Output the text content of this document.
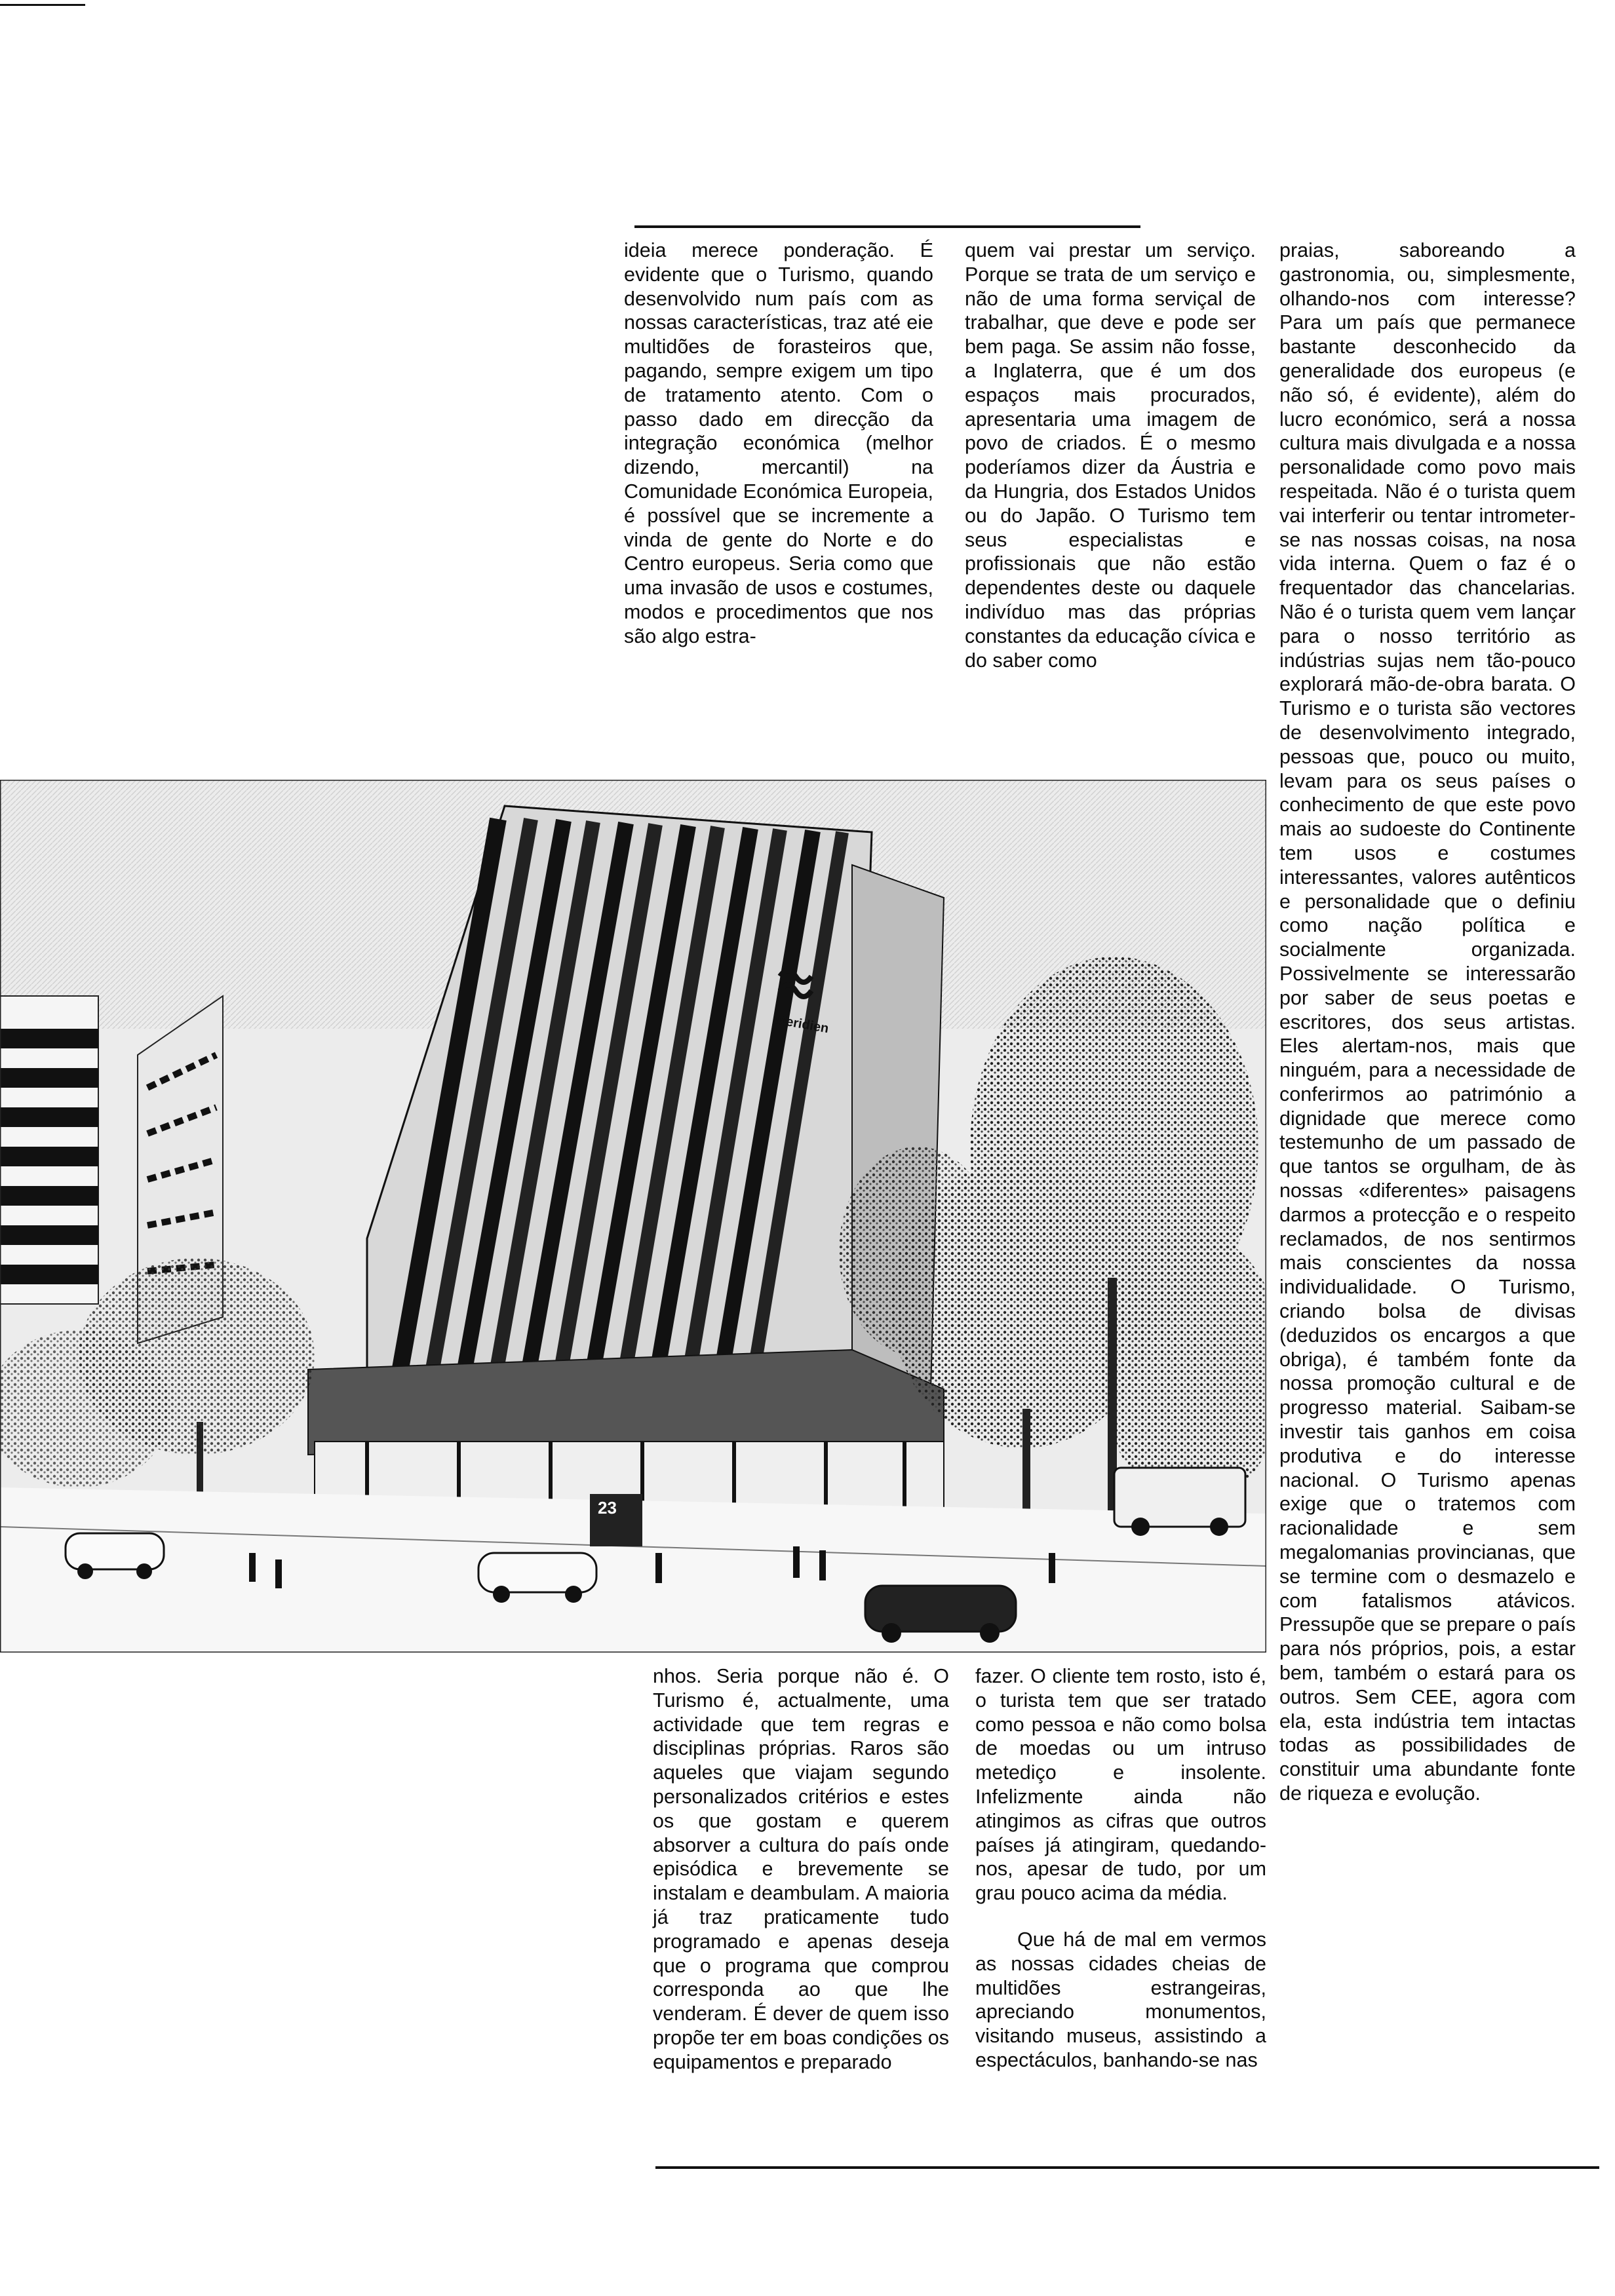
ideia merece ponderação. É evidente que o Turismo, quando desenvolvido num país com as nossas características, traz até eie multidões de forasteiros que, pagando, sempre exigem um tipo de tratamento atento. Com o passo dado em direcção da integração económica (melhor dizendo, mercantil) na Comunidade Económica Europeia, é possível que se incremente a vinda de gente do Norte e do Centro europeus. Seria como que uma invasão de usos e costumes, modos e procedimentos que nos são algo estra-

quem vai prestar um serviço. Porque se trata de um serviço e não de uma forma serviçal de trabalhar, que deve e pode ser bem paga. Se assim não fosse, a Inglaterra, que é um dos espaços mais procurados, apresentaria uma imagem de povo de criados. É o mesmo poderíamos dizer da Áustria e da Hungria, dos Estados Unidos ou do Japão. O Turismo tem seus especialistas e profissionais que não estão dependentes deste ou daquele indivíduo mas das próprias constantes da educação cívica e do saber como

praias, saboreando a gastronomia, ou, simplesmente, olhando-nos com interesse? Para um país que permanece bastante desconhecido da generalidade dos europeus (e não só, é evidente), além do lucro económico, será a nossa cultura mais divulgada e a nossa personalidade como povo mais respeitada. Não é o turista quem vai interferir ou tentar intrometer-se nas nossas coisas, na nosa vida interna. Quem o faz é o frequentador das chancelarias. Não é o turista quem vem lançar para o nosso território as indústrias sujas nem tão-pouco explorará mão-de-obra barata. O Turismo e o turista são vectores de desenvolvimento integrado, pessoas que, pouco ou muito, levam para os seus países o conhecimento de que este povo mais ao sudoeste do Continente tem usos e costumes interessantes, valores autênticos e personalidade que o definiu como nação política e socialmente organizada. Possivelmente se interessarão por saber de seus poetas e escritores, dos seus artistas. Eles alertam-nos, mais que ninguém, para a necessidade de conferirmos ao património a dignidade que merece como testemunho de um passado de que tantos se orgulham, de às nossas «diferentes» paisagens darmos a protecção e o respeito reclamados, de nos sentirmos mais conscientes da nossa individualidade. O Turismo, criando bolsa de divisas (deduzidos os encargos a que obriga), é também fonte da nossa promoção cultural e de progresso material. Saibam-se investir tais ganhos em coisa produtiva e do interesse nacional. O Turismo apenas exige que o tratemos com racionalidade e sem megalomanias provincianas, que se termine com o desmazelo e com fatalismos atávicos. Pressupõe que se prepare o país para nós próprios, pois, a estar bem, também o estará para os outros. Sem CEE, agora com ela, esta indústria tem intactas todas as possibilidades de constituir uma abundante fonte de riqueza e evolução.

Meridien
23

nhos. Seria porque não é. O Turismo é, actualmente, uma actividade que tem regras e disciplinas próprias. Raros são aqueles que viajam segundo personalizados critérios e estes os que gostam e querem absorver a cultura do país onde episódica e brevemente se instalam e deambulam. A maioria já traz praticamente tudo programado e apenas deseja que o programa que comprou corresponda ao que lhe venderam. É dever de quem isso propõe ter em boas condições os equipamentos e preparado

fazer. O cliente tem rosto, isto é, o turista tem que ser tratado como pessoa e não como bolsa de moedas ou um intruso metediço e insolente. Infelizmente ainda não atingimos as cifras que outros países já atingiram, quedando-nos, apesar de tudo, por um grau pouco acima da média.

Que há de mal em vermos as nossas cidades cheias de multidões estrangeiras, apreciando monumentos, visitando museus, assistindo a espectáculos, banhando-se nas
